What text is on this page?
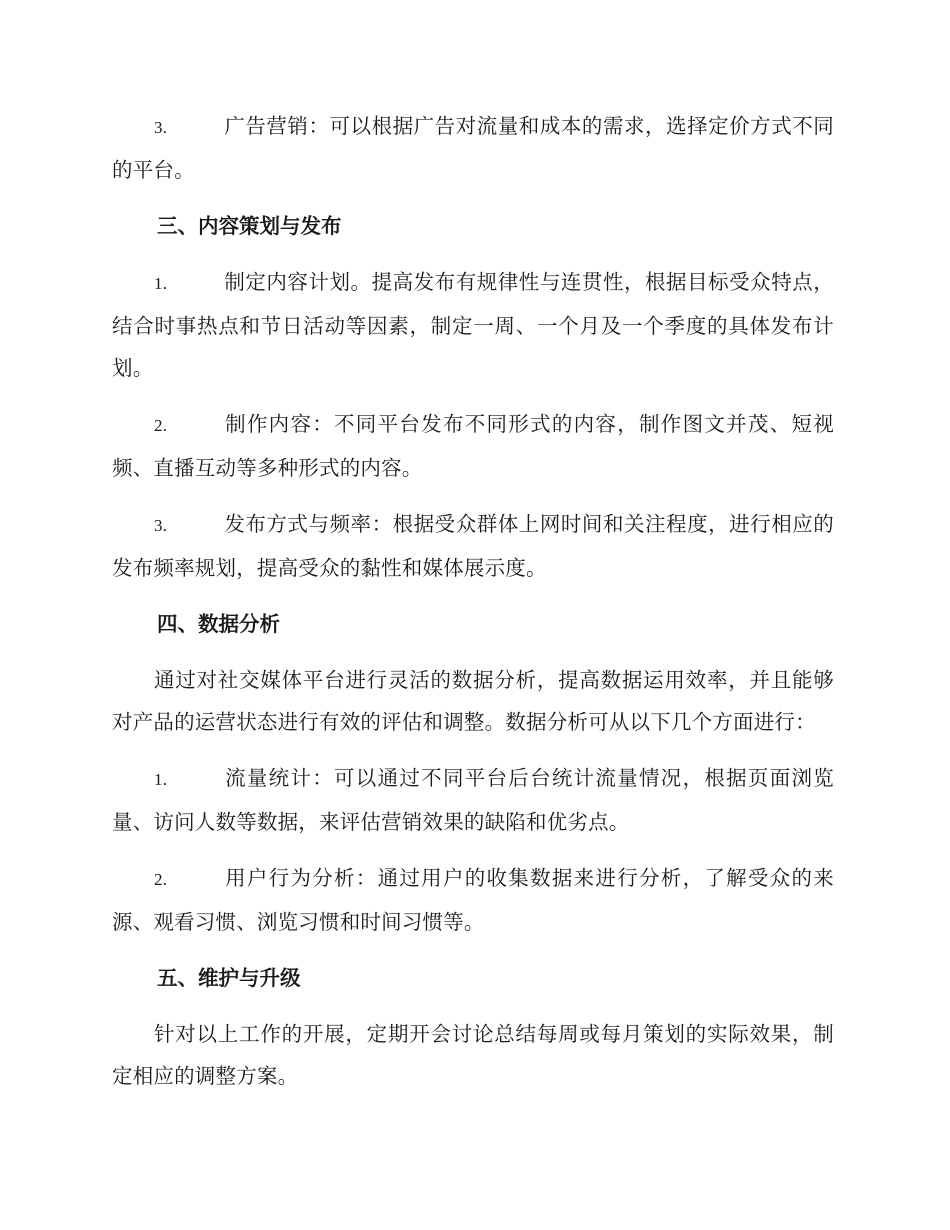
3.	广告营销：可以根据广告对流量和成本的需求，选择定价方式不同的平台。

三、内容策划与发布

1.	制定内容计划。提高发布有规律性与连贯性，根据目标受众特点，结合时事热点和节日活动等因素，制定一周、一个月及一个季度的具体发布计划。

2.	制作内容：不同平台发布不同形式的内容，制作图文并茂、短视频、直播互动等多种形式的内容。

3.	发布方式与频率：根据受众群体上网时间和关注程度，进行相应的发布频率规划，提高受众的黏性和媒体展示度。

四、数据分析

通过对社交媒体平台进行灵活的数据分析，提高数据运用效率，并且能够对产品的运营状态进行有效的评估和调整。数据分析可从以下几个方面进行：

1.	流量统计：可以通过不同平台后台统计流量情况，根据页面浏览量、访问人数等数据，来评估营销效果的缺陷和优劣点。

2.	用户行为分析：通过用户的收集数据来进行分析，了解受众的来源、观看习惯、浏览习惯和时间习惯等。

五、维护与升级

针对以上工作的开展，定期开会讨论总结每周或每月策划的实际效果，制定相应的调整方案。
